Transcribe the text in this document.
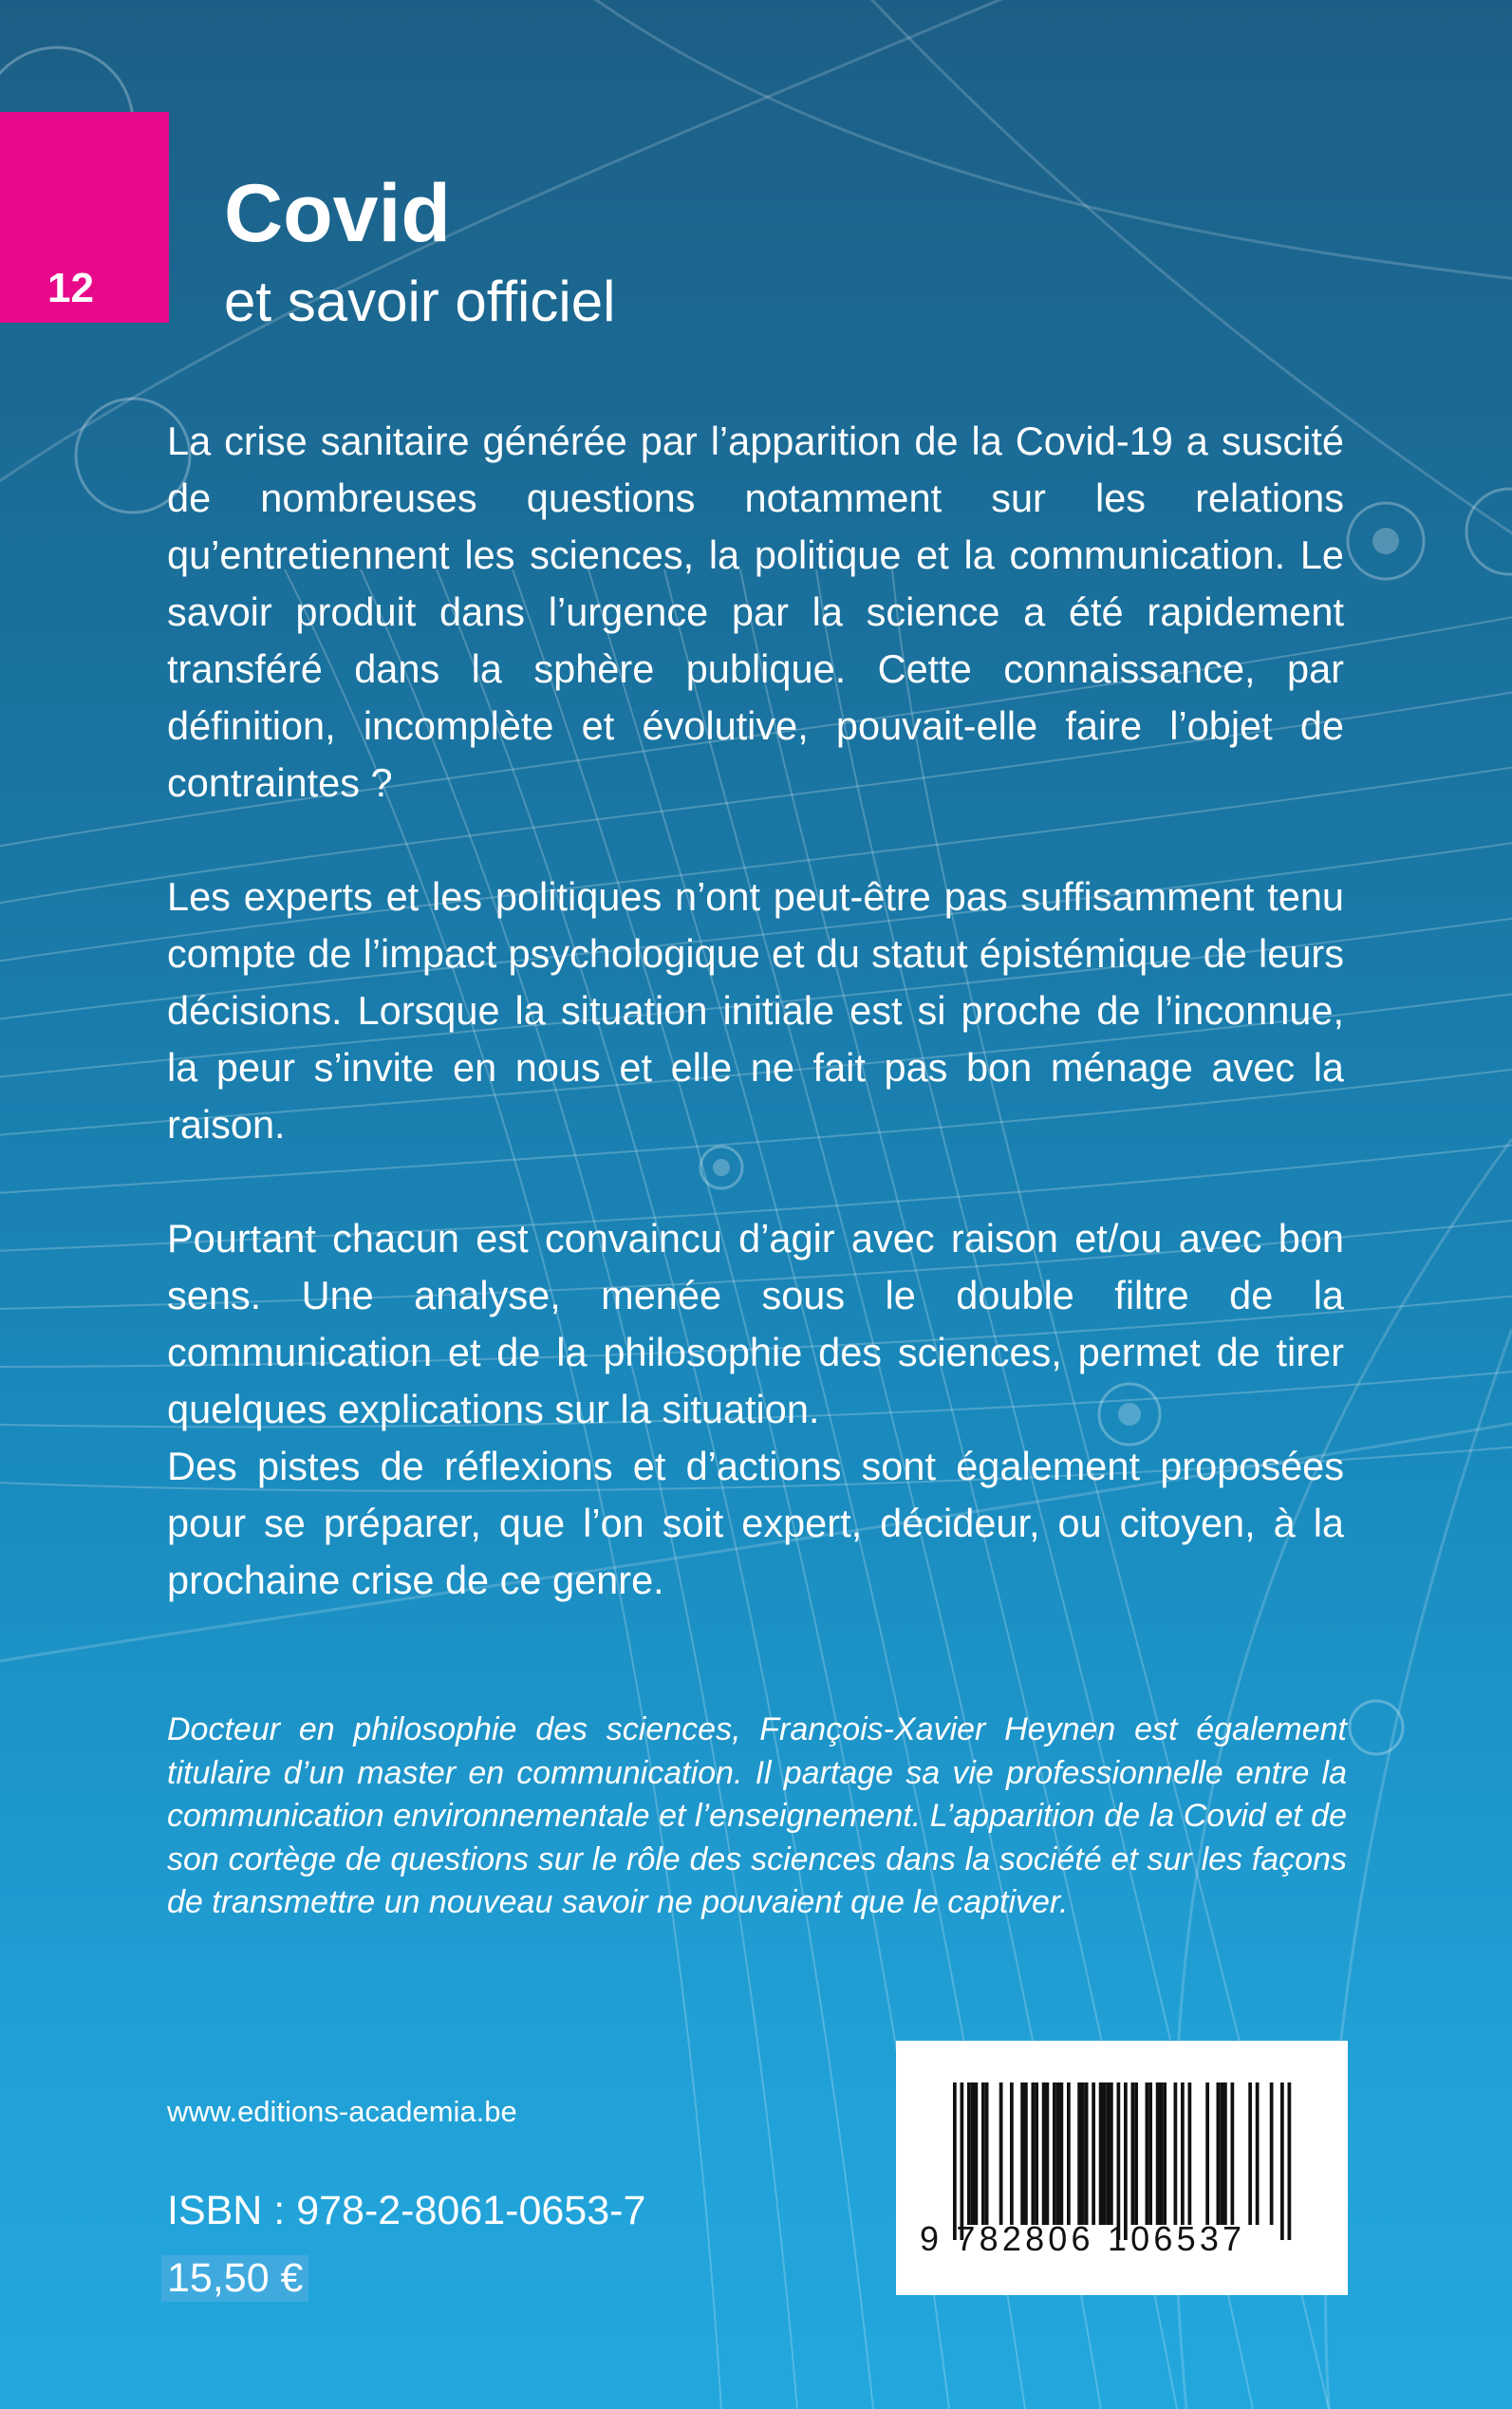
12
Covid
et savoir officiel

La crise sanitaire générée par l’apparition de la Covid-19 a suscité de nombreuses questions notamment sur les relations qu’entretiennent les sciences, la politique et la communication. Le savoir produit dans l’urgence par la science a été rapidement transféré dans la sphère publique. Cette connaissance, par définition, incomplète et évolutive, pouvait-elle faire l’objet de contraintes ?

Les experts et les politiques n’ont peut-être pas suffisamment tenu compte de l’impact psychologique et du statut épistémique de leurs décisions. Lorsque la situation initiale est si proche de l’inconnue, la peur s’invite en nous et elle ne fait pas bon ménage avec la raison.

Pourtant chacun est convaincu d’agir avec raison et/ou avec bon sens. Une analyse, menée sous le double filtre de la communication et de la philosophie des sciences, permet de tirer quelques explications sur la situation.

Des pistes de réflexions et d’actions sont également proposées pour se préparer, que l’on soit expert, décideur, ou citoyen, à la prochaine crise de ce genre.

Docteur en philosophie des sciences, François-Xavier Heynen est également titulaire d’un master en communication. Il partage sa vie professionnelle entre la communication environnementale et l’enseignement. L’apparition de la Covid et de son cortège de questions sur le rôle des sciences dans la société et sur les façons de transmettre un nouveau savoir ne pouvaient que le captiver.
www.editions-academia.be
ISBN : 978-2-8061-0653-7
15,50 €
9 782806 106537
